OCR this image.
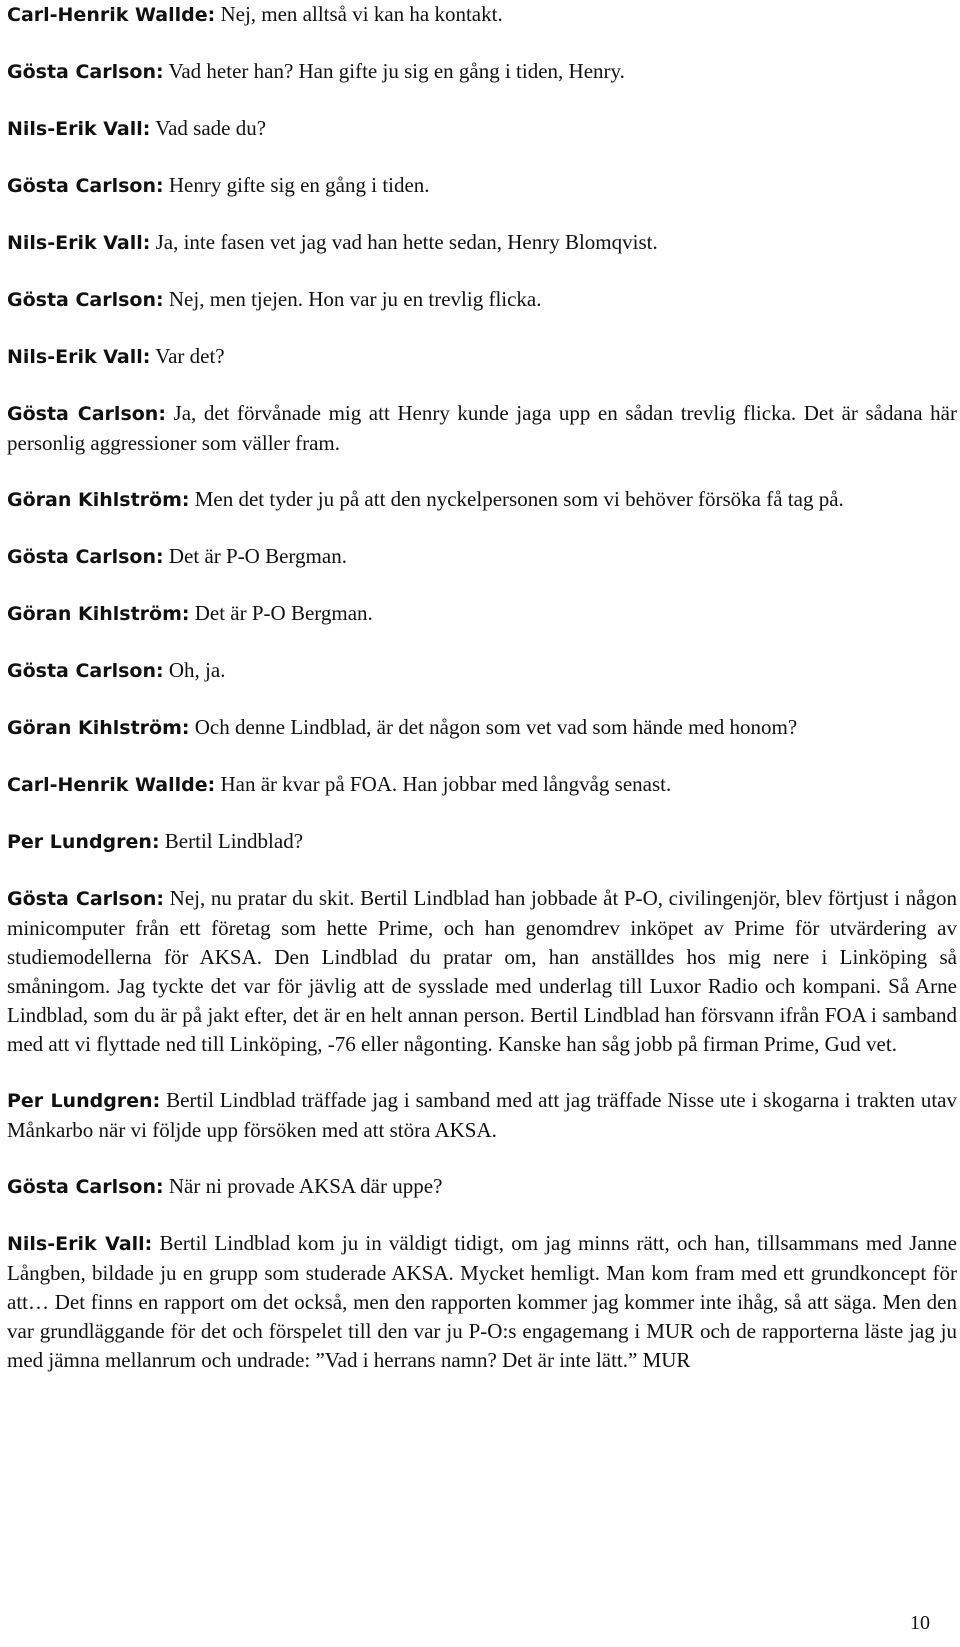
Carl-Henrik Wallde: Nej, men alltså vi kan ha kontakt.

Gösta Carlson: Vad heter han? Han gifte ju sig en gång i tiden, Henry.

Nils-Erik Vall: Vad sade du?

Gösta Carlson: Henry gifte sig en gång i tiden.

Nils-Erik Vall: Ja, inte fasen vet jag vad han hette sedan, Henry Blomqvist.

Gösta Carlson: Nej, men tjejen. Hon var ju en trevlig flicka.

Nils-Erik Vall: Var det?

Gösta Carlson: Ja, det förvånade mig att Henry kunde jaga upp en sådan trevlig flicka. Det är sådana här personlig aggressioner som väller fram.

Göran Kihlström: Men det tyder ju på att den nyckelpersonen som vi behöver försöka få tag på.

Gösta Carlson: Det är P-O Bergman.

Göran Kihlström: Det är P-O Bergman.

Gösta Carlson: Oh, ja.

Göran Kihlström: Och denne Lindblad, är det någon som vet vad som hände med honom?

Carl-Henrik Wallde: Han är kvar på FOA. Han jobbar med långvåg senast.

Per Lundgren: Bertil Lindblad?

Gösta Carlson: Nej, nu pratar du skit. Bertil Lindblad han jobbade åt P-O, civilingenjör, blev förtjust i någon minicomputer från ett företag som hette Prime, och han genomdrev inköpet av Prime för utvärdering av studiemodellerna för AKSA. Den Lindblad du pratar om, han anställdes hos mig nere i Linköping så småningom. Jag tyckte det var för jävlig att de sysslade med underlag till Luxor Radio och kompani. Så Arne Lindblad, som du är på jakt efter, det är en helt annan person. Bertil Lindblad han försvann ifrån FOA i samband med att vi flyttade ned till Linköping, -76 eller någonting. Kanske han såg jobb på firman Prime, Gud vet.

Per Lundgren: Bertil Lindblad träffade jag i samband med att jag träffade Nisse ute i skogarna i trakten utav Månkarbo när vi följde upp försöken med att störa AKSA.

Gösta Carlson: När ni provade AKSA där uppe?

Nils-Erik Vall: Bertil Lindblad kom ju in väldigt tidigt, om jag minns rätt, och han, tillsammans med Janne Långben, bildade ju en grupp som studerade AKSA. Mycket hemligt. Man kom fram med ett grundkoncept för att… Det finns en rapport om det också, men den rapporten kommer jag kommer inte ihåg, så att säga. Men den var grundläggande för det och förspelet till den var ju P-O:s engagemang i MUR och de rapporterna läste jag ju med jämna mellanrum och undrade: ”Vad i herrans namn? Det är inte lätt.” MUR

10
